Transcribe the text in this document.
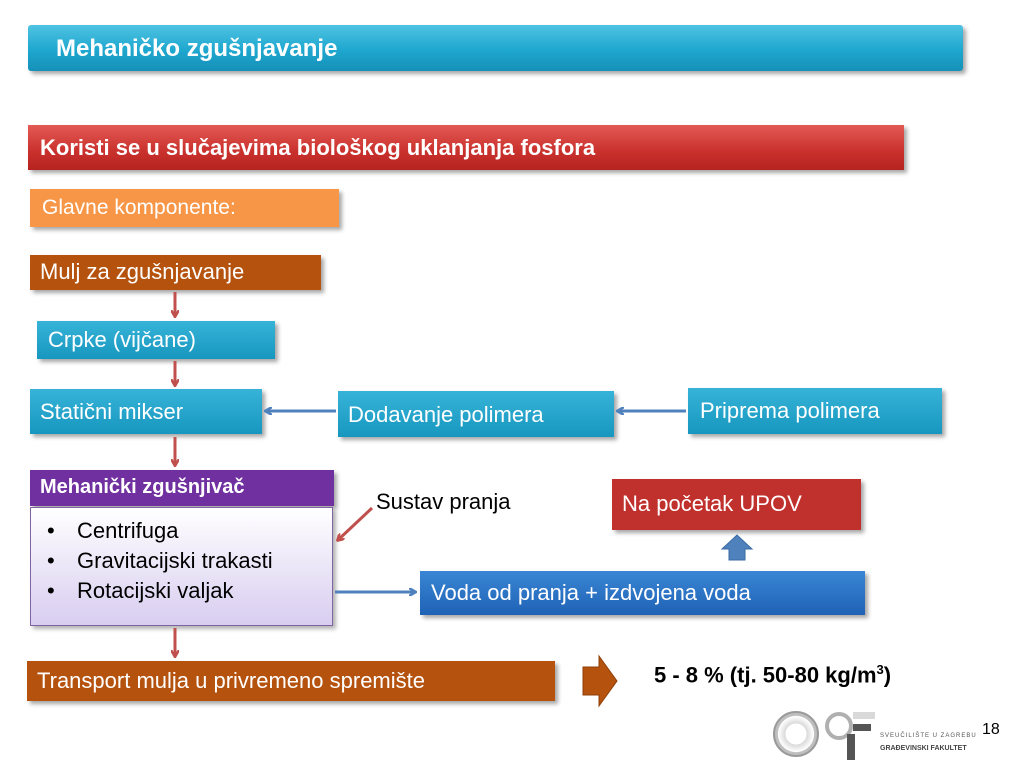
Mehaničko zgušnjavanje
Koristi se u slučajevima biološkog uklanjanja fosfora
Glavne komponente:
Mulj za zgušnjavanje
Crpke (vijčane)
Statični mikser	Dodavanje polimera	Priprema polimera
Mehanički zgušnjivač
• Centrifuga
• Gravitacijski trakasti
• Rotacijski valjak
Sustav pranja	Na početak UPOV
Voda od pranja + izdvojena voda
Transport mulja u privremeno spremište	5 - 8 % (tj. 50-80 $kg/m^3$)
SVEUČILIŠTE U ZAGREBU
GRAĐEVINSKI FAKULTET
18
